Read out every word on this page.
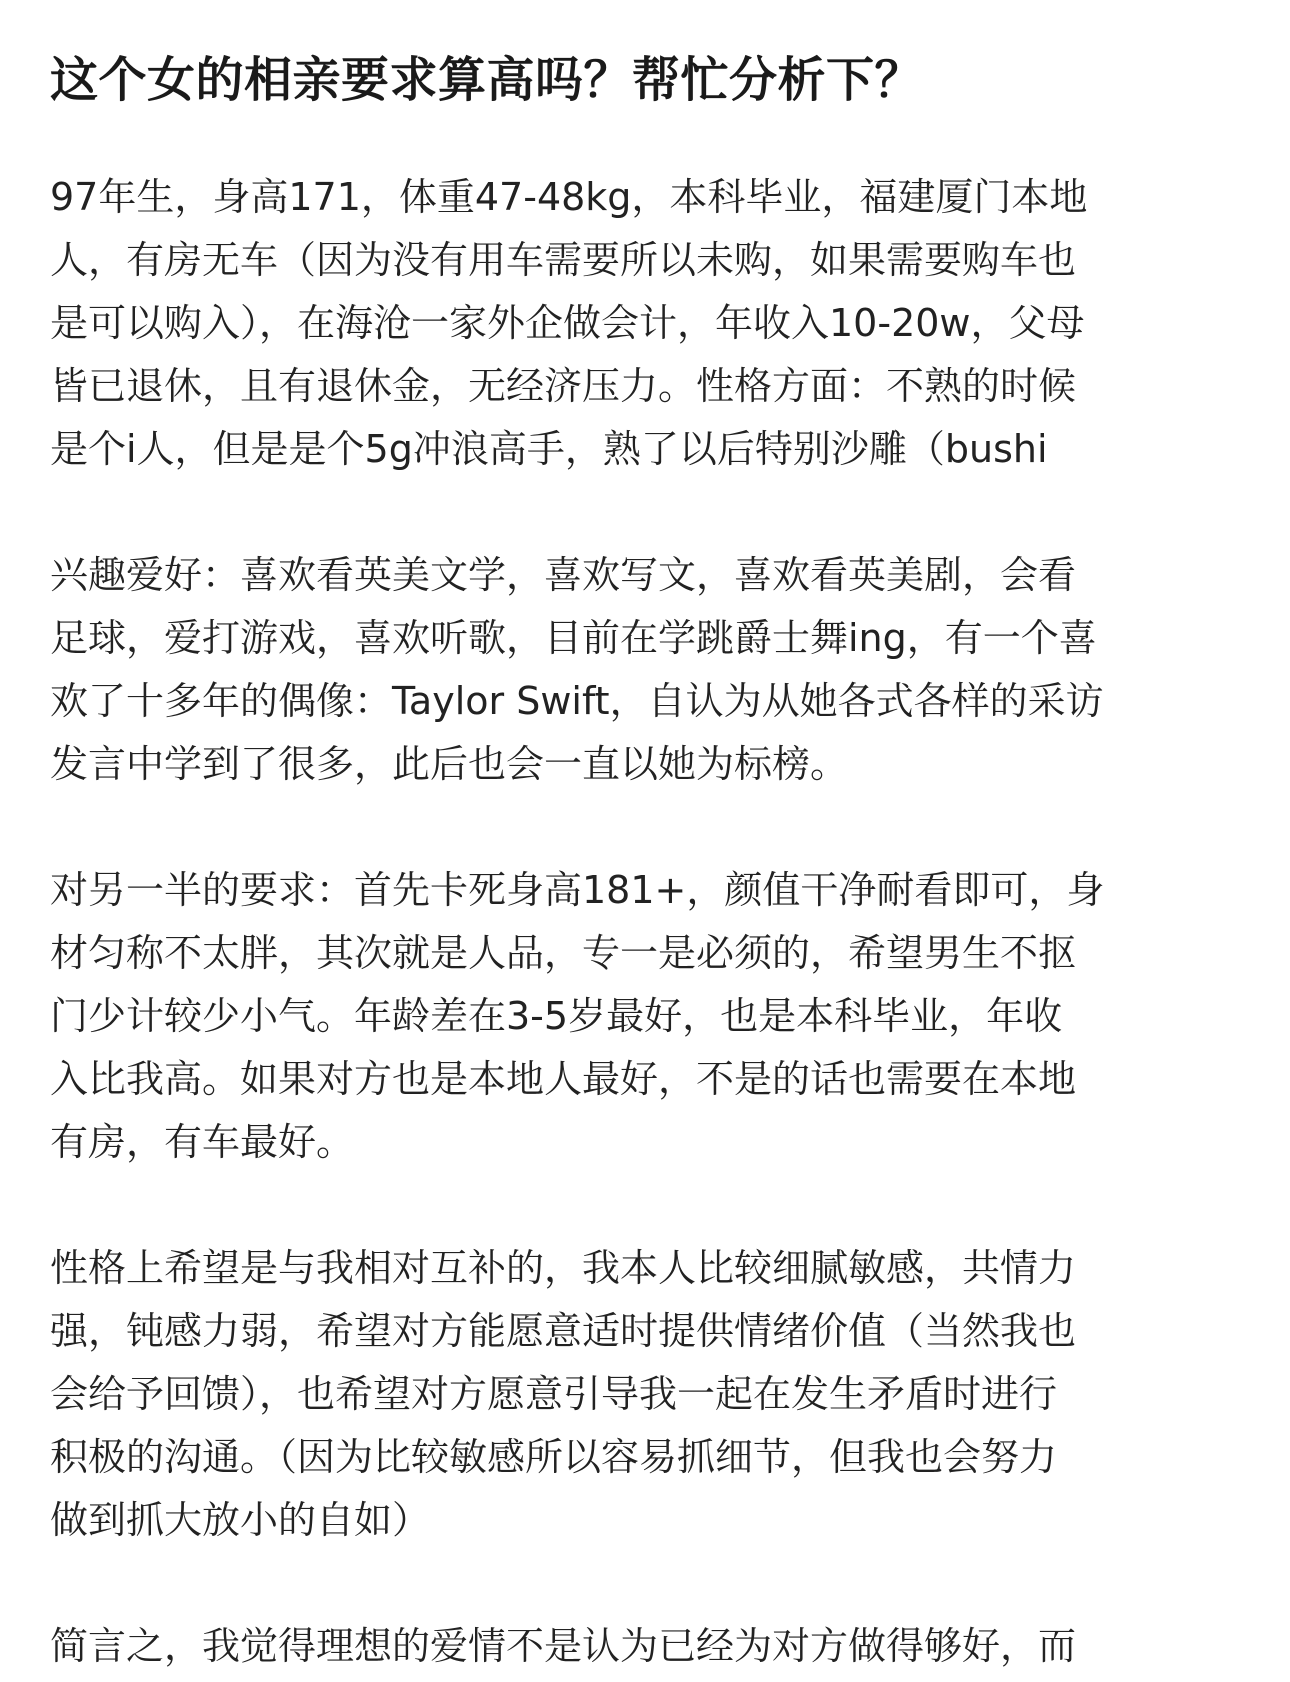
这个女的相亲要求算高吗？帮忙分析下？
97年生，身高171，体重47-48kg，本科毕业，福建厦门本地
人，有房无车（因为没有用车需要所以未购，如果需要购车也
是可以购入），在海沧一家外企做会计，年收入10-20w，父母
皆已退休，且有退休金，无经济压力。性格方面：不熟的时候
是个i人，但是是个5g冲浪高手，熟了以后特别沙雕（bushi
兴趣爱好：喜欢看英美文学，喜欢写文，喜欢看英美剧，会看
足球，爱打游戏，喜欢听歌，目前在学跳爵士舞ing，有一个喜
欢了十多年的偶像：Taylor Swift，自认为从她各式各样的采访
发言中学到了很多，此后也会一直以她为标榜。
对另一半的要求：首先卡死身高181+，颜值干净耐看即可，身
材匀称不太胖，其次就是人品，专一是必须的，希望男生不抠
门少计较少小气。年龄差在3-5岁最好，也是本科毕业，年收
入比我高。如果对方也是本地人最好，不是的话也需要在本地
有房，有车最好。
性格上希望是与我相对互补的，我本人比较细腻敏感，共情力
强，钝感力弱，希望对方能愿意适时提供情绪价值（当然我也
会给予回馈），也希望对方愿意引导我一起在发生矛盾时进行
积极的沟通。（因为比较敏感所以容易抓细节，但我也会努力
做到抓大放小的自如）
简言之，我觉得理想的爱情不是认为已经为对方做得够好，而
